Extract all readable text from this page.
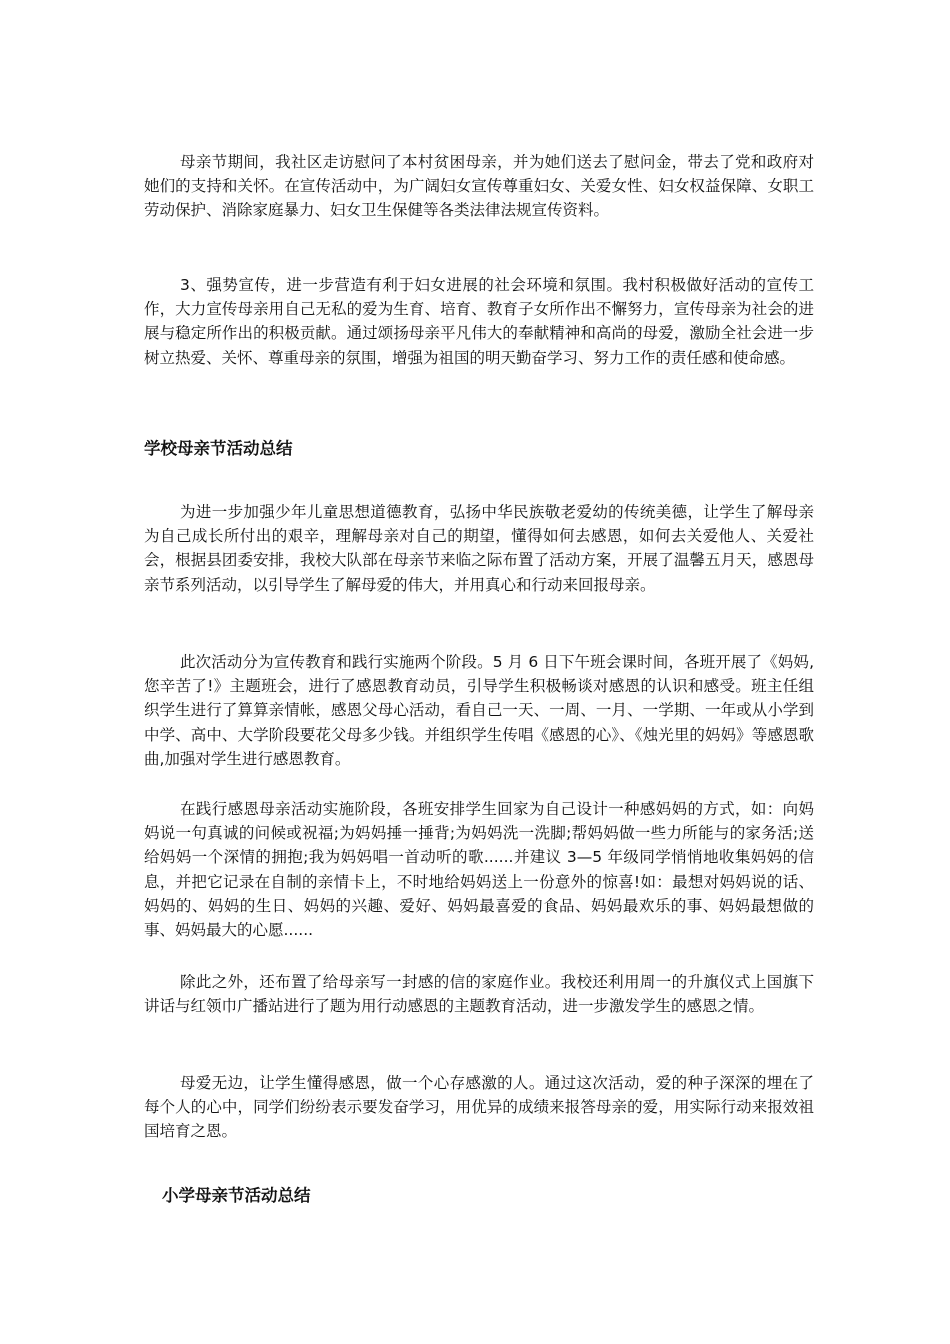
母亲节期间，我社区走访慰问了本村贫困母亲，并为她们送去了慰问金，带去了党和政府对她们的支持和关怀。在宣传活动中，为广阔妇女宣传尊重妇女、关爱女性、妇女权益保障、女职工劳动保护、消除家庭暴力、妇女卫生保健等各类法律法规宣传资料。

3、强势宣传，进一步营造有利于妇女进展的社会环境和氛围。我村积极做好活动的宣传工作，大力宣传母亲用自己无私的爱为生育、培育、教育子女所作出不懈努力，宣传母亲为社会的进展与稳定所作出的积极贡献。通过颂扬母亲平凡伟大的奉献精神和高尚的母爱，激励全社会进一步树立热爱、关怀、尊重母亲的氛围，增强为祖国的明天勤奋学习、努力工作的责任感和使命感。

学校母亲节活动总结

为进一步加强少年儿童思想道德教育，弘扬中华民族敬老爱幼的传统美德，让学生了解母亲为自己成长所付出的艰辛，理解母亲对自己的期望，懂得如何去感恩，如何去关爱他人、关爱社会，根据县团委安排，我校大队部在母亲节来临之际布置了活动方案，开展了温馨五月天，感恩母亲节系列活动，以引导学生了解母爱的伟大，并用真心和行动来回报母亲。

此次活动分为宣传教育和践行实施两个阶段。5 月 6 日下午班会课时间，各班开展了《妈妈,您辛苦了!》主题班会，进行了感恩教育动员，引导学生积极畅谈对感恩的认识和感受。班主任组织学生进行了算算亲情帐，感恩父母心活动，看自己一天、一周、一月、一学期、一年或从小学到中学、高中、大学阶段要花父母多少钱。并组织学生传唱《感恩的心》、《烛光里的妈妈》等感恩歌曲,加强对学生进行感恩教育。

在践行感恩母亲活动实施阶段，各班安排学生回家为自己设计一种感妈妈的方式，如：向妈妈说一句真诚的问候或祝福;为妈妈捶一捶背;为妈妈洗一洗脚;帮妈妈做一些力所能与的家务活;送给妈妈一个深情的拥抱;我为妈妈唱一首动听的歌......并建议 3—5 年级同学悄悄地收集妈妈的信息，并把它记录在自制的亲情卡上，不时地给妈妈送上一份意外的惊喜!如：最想对妈妈说的话、妈妈的、妈妈的生日、妈妈的兴趣、爱好、妈妈最喜爱的食品、妈妈最欢乐的事、妈妈最想做的事、妈妈最大的心愿......

除此之外，还布置了给母亲写一封感的信的家庭作业。我校还利用周一的升旗仪式上国旗下讲话与红领巾广播站进行了题为用行动感恩的主题教育活动，进一步激发学生的感恩之情。

母爱无边，让学生懂得感恩，做一个心存感激的人。通过这次活动，爱的种子深深的埋在了每个人的心中，同学们纷纷表示要发奋学习，用优异的成绩来报答母亲的爱，用实际行动来报效祖国培育之恩。

小学母亲节活动总结
